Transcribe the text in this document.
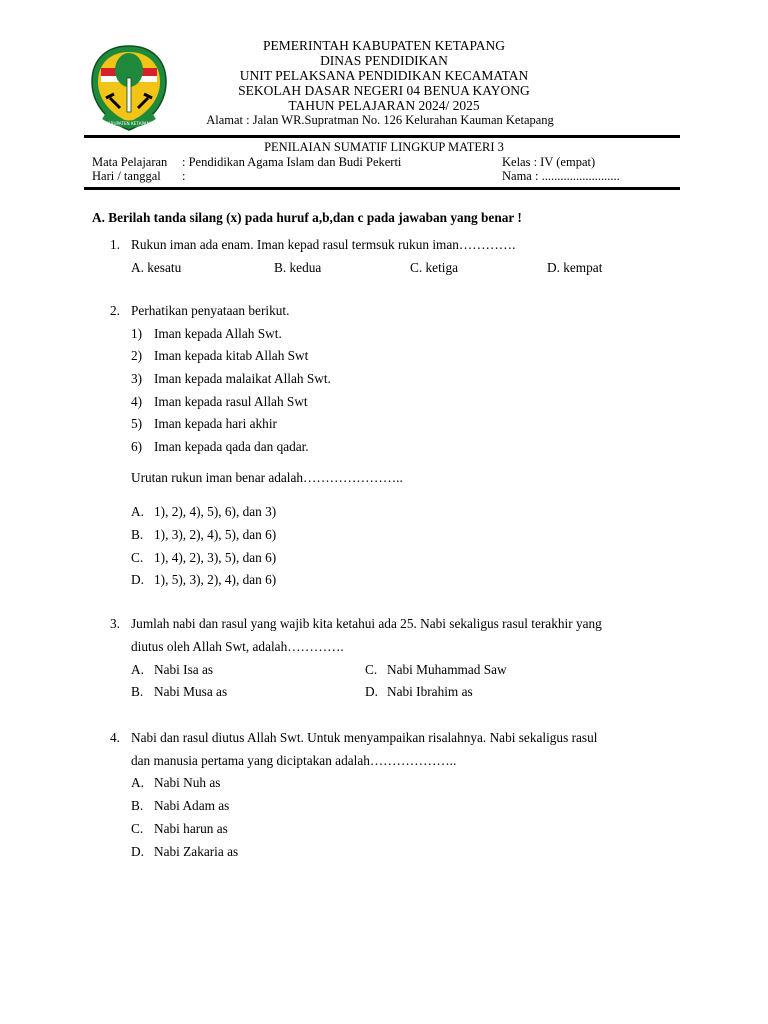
KABUPATEN KETAPANG
PEMERINTAH KABUPATEN KETAPANG
DINAS PENDIDIKAN
UNIT PELAKSANA PENDIDIKAN KECAMATAN
SEKOLAH DASAR NEGERI 04 BENUA KAYONG
TAHUN PELAJARAN 2024/ 2025
Alamat : Jalan WR.Supratman No. 126 Kelurahan Kauman Ketapang
PENILAIAN SUMATIF LINGKUP MATERI 3
Mata Pelajaran : Pendidikan Agama Islam dan Budi Pekerti	Kelas : IV (empat)
Hari / tanggal :	Nama : .........................
A. Berilah tanda silang (x) pada huruf a,b,dan c pada jawaban yang benar !
1. Rukun iman ada enam. Iman kepad rasul termsuk rukun iman………….
A. kesatu	B. kedua	C. ketiga	D. kempat
2. Perhatikan penyataan berikut.
1) Iman kepada Allah Swt.
2) Iman kepada kitab Allah Swt
3) Iman kepada malaikat Allah Swt.
4) Iman kepada rasul Allah Swt
5) Iman kepada hari akhir
6) Iman kepada qada dan qadar.
Urutan rukun iman benar adalah…………………..
A. 1), 2), 4), 5), 6), dan 3)
B. 1), 3), 2), 4), 5), dan 6)
C. 1), 4), 2), 3), 5), dan 6)
D. 1), 5), 3), 2), 4), dan 6)
3. Jumlah nabi dan rasul yang wajib kita ketahui ada 25. Nabi sekaligus rasul terakhir yang
diutus oleh Allah Swt, adalah………….
A. Nabi Isa as	C. Nabi Muhammad Saw
B. Nabi Musa as	D. Nabi Ibrahim as
4. Nabi dan rasul diutus Allah Swt. Untuk menyampaikan risalahnya. Nabi sekaligus rasul
dan manusia pertama yang diciptakan adalah………………..
A. Nabi Nuh as
B. Nabi Adam as
C. Nabi harun as
D. Nabi Zakaria as
